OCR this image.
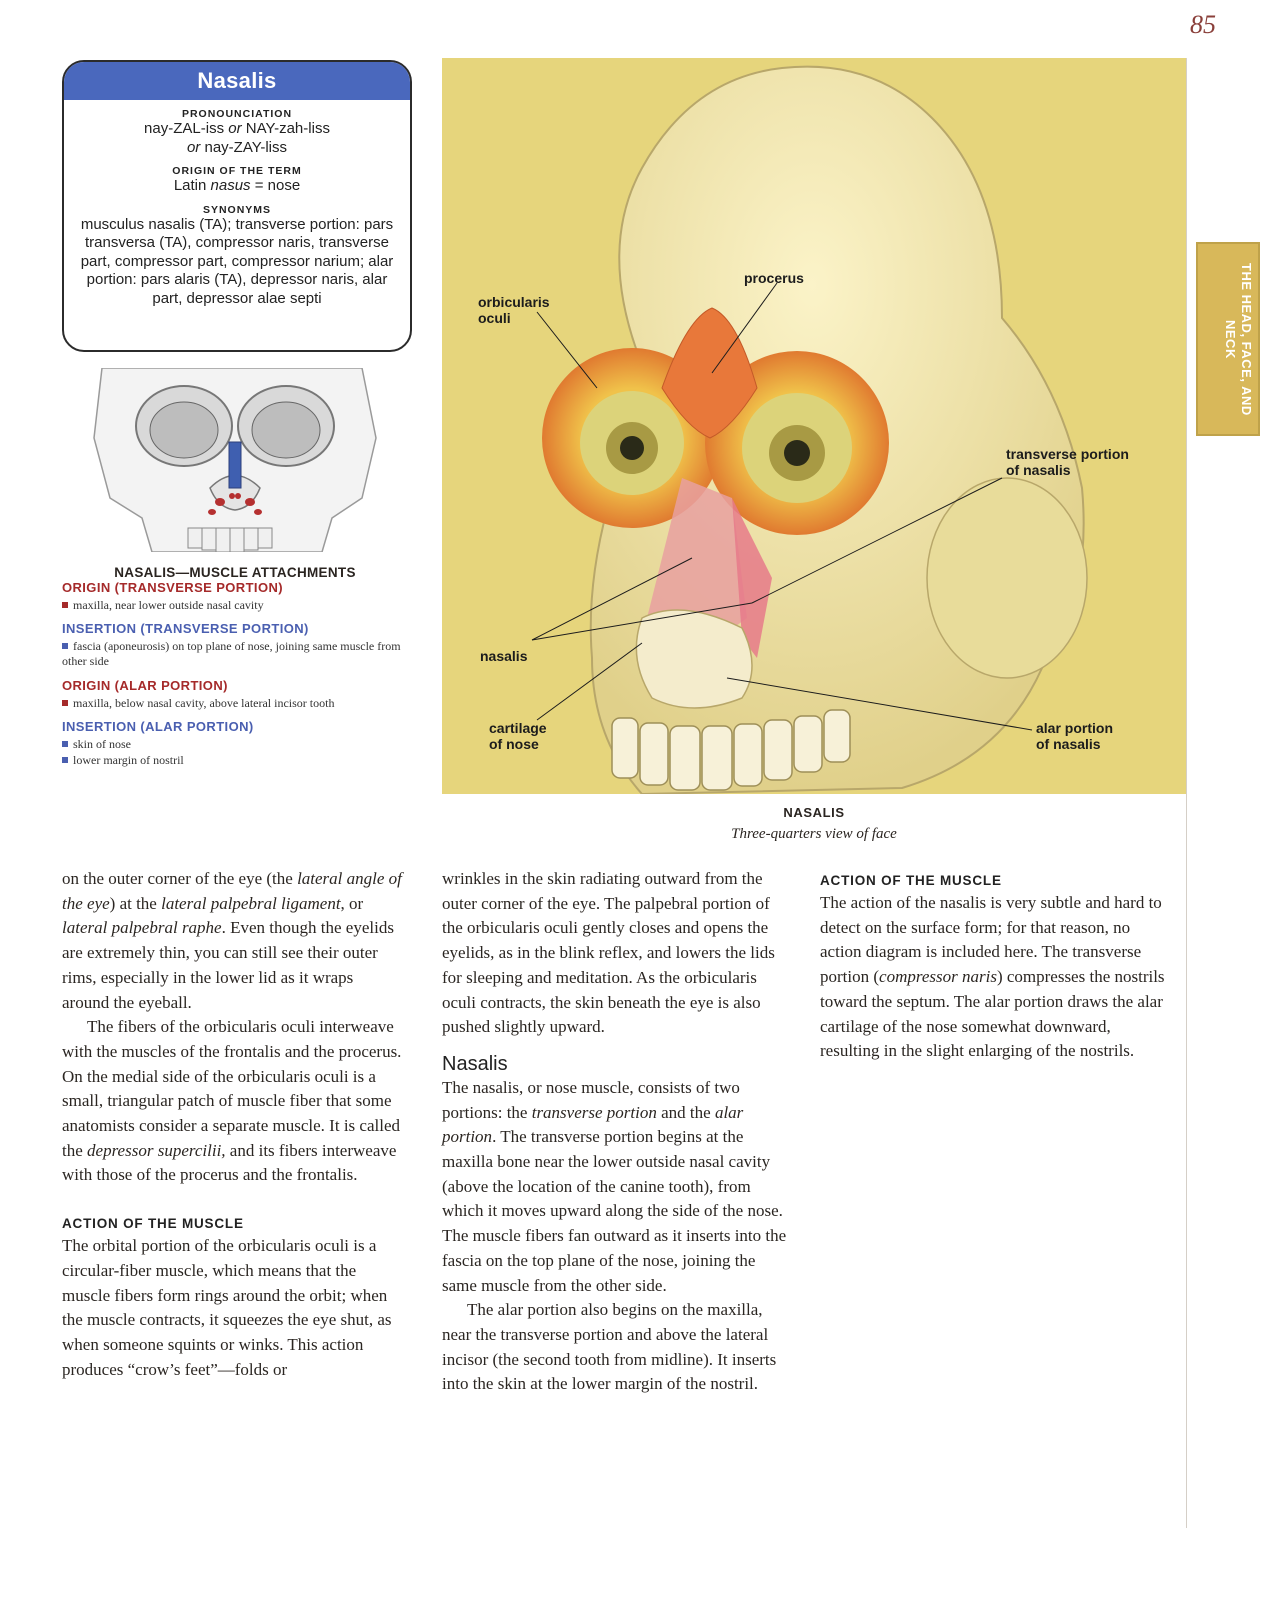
85
Nasalis
PRONOUNCIATION
nay-ZAL-iss or NAY-zah-liss
or nay-ZAY-liss
ORIGIN OF THE TERM
Latin nasus = nose
SYNONYMS
musculus nasalis (TA); transverse portion: pars transversa (TA), compressor naris, transverse part, compressor part, compressor narium; alar portion: pars alaris (TA), depressor naris, alar part, depressor alae septi
NASALIS—MUSCLE ATTACHMENTS
ORIGIN (TRANSVERSE PORTION)
maxilla, near lower outside nasal cavity
INSERTION (TRANSVERSE PORTION)
fascia (aponeurosis) on top plane of nose, joining same muscle from other side
ORIGIN (ALAR PORTION)
maxilla, below nasal cavity, above lateral incisor tooth
INSERTION (ALAR PORTION)
skin of nose
lower margin of nostril
orbicularis
oculi
procerus
transverse portion
of nasalis
nasalis
cartilage
of nose
alar portion
of nasalis
NASALIS
Three-quarters view of face
THE HEAD, FACE, AND NECK

on the outer corner of the eye (the lateral angle of the eye) at the lateral palpebral ligament, or lateral palpebral raphe. Even though the eyelids are extremely thin, you can still see their outer rims, especially in the lower lid as it wraps around the eyeball.

The fibers of the orbicularis oculi interweave with the muscles of the frontalis and the procerus. On the medial side of the orbicularis oculi is a small, triangular patch of muscle fiber that some anatomists consider a separate muscle. It is called the depressor supercilii, and its fibers interweave with those of the procerus and the frontalis.

ACTION OF THE MUSCLE

The orbital portion of the orbicularis oculi is a circular-fiber muscle, which means that the muscle fibers form rings around the orbit; when the muscle contracts, it squeezes the eye shut, as when someone squints or winks. This action produces “crow’s feet”—folds or

wrinkles in the skin radiating outward from the outer corner of the eye. The palpebral portion of the orbicularis oculi gently closes and opens the eyelids, as in the blink reflex, and lowers the lids for sleeping and meditation. As the orbicularis oculi contracts, the skin beneath the eye is also pushed slightly upward.

Nasalis

The nasalis, or nose muscle, consists of two portions: the transverse portion and the alar portion. The transverse portion begins at the maxilla bone near the lower outside nasal cavity (above the location of the canine tooth), from which it moves upward along the side of the nose. The muscle fibers fan outward as it inserts into the fascia on the top plane of the nose, joining the same muscle from the other side.

The alar portion also begins on the maxilla, near the transverse portion and above the lateral incisor (the second tooth from midline). It inserts into the skin at the lower margin of the nostril.

ACTION OF THE MUSCLE

The action of the nasalis is very subtle and hard to detect on the surface form; for that reason, no action diagram is included here. The transverse portion (compressor naris) compresses the nostrils toward the septum. The alar portion draws the alar cartilage of the nose somewhat downward, resulting in the slight enlarging of the nostrils.
